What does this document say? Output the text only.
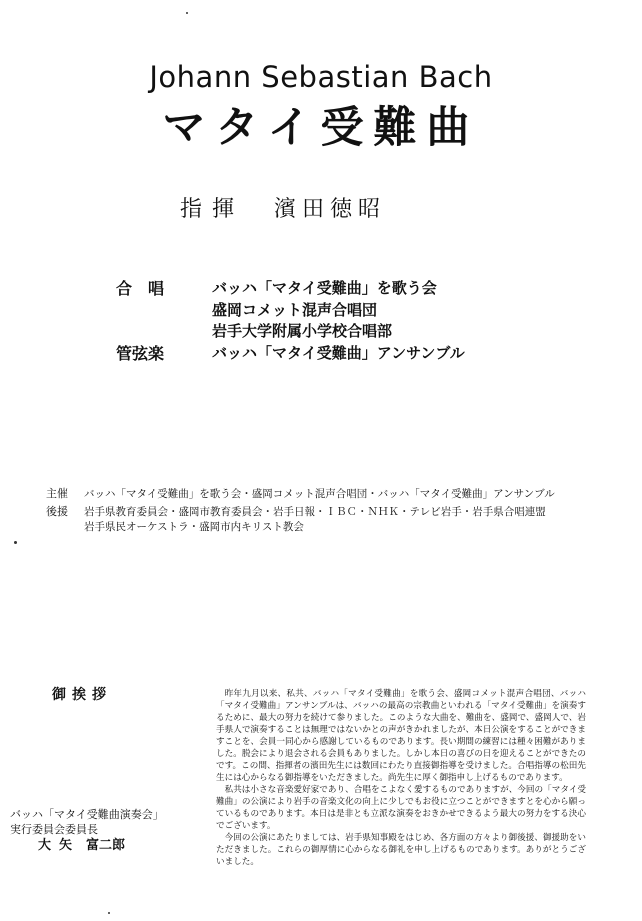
Johann Sebastian Bach
マタイ受難曲
指揮 濱田徳昭
合　唱	バッハ「マタイ受難曲」を歌う会
盛岡コメット混声合唱団
岩手大学附属小学校合唱部
管弦楽	バッハ「マタイ受難曲」アンサンブル
主催 バッハ「マタイ受難曲」を歌う会・盛岡コメット混声合唱団・バッハ「マタイ受難曲」アンサンブル
後援 岩手県教育委員会・盛岡市教育委員会・岩手日報・ＩＢＣ・ＮＨＫ・テレビ岩手・岩手県合唱連盟
岩手県民オーケストラ・盛岡市内キリスト教会
御挨拶	昨年九月以来、私共、バッハ「マタイ受難曲」を歌う会、盛岡コメット混声合唱団、バッハ「マタイ受難曲」アンサンブルは、バッハの最高の宗教曲といわれる「マタイ受難曲」を演奏するために、最大の努力を続けて参りました。このような大曲を、難曲を、盛岡で、盛岡人で、岩手県人で演奏することは無理ではないかとの声がきかれましたが、本日公演をすることができますことを、会員一同心から感謝しているものであります。長い期間の練習には種々困難がありました。脱会により退会される会員もありました。しかし本日の喜びの日を迎えることができたのです。この間、指揮者の濱田先生には数回にわたり直接御指導を受けました。合唱指導の松田先生には心からなる御指導をいただきました。尚先生に厚く御指申し上げるものであります。

私共は小さな音楽愛好家であり、合唱をこよなく愛するものでありますが、今回の「マタイ受難曲」の公演により岩手の音楽文化の向上に少しでもお役に立つことができますとを心から願っているものであります。本日は是非とも立派な演奏をおきかせできるよう最大の努力をする決心でございます。

今回の公演にあたりましては、岩手県知事殿をはじめ、各方面の方々より御後援、御援助をいただきました。これらの御厚情に心からなる御礼を申し上げるものであります。ありがとうございました。

バッハ「マタイ受難曲演奏会」
実行委員会委員長
大矢 富二郎
